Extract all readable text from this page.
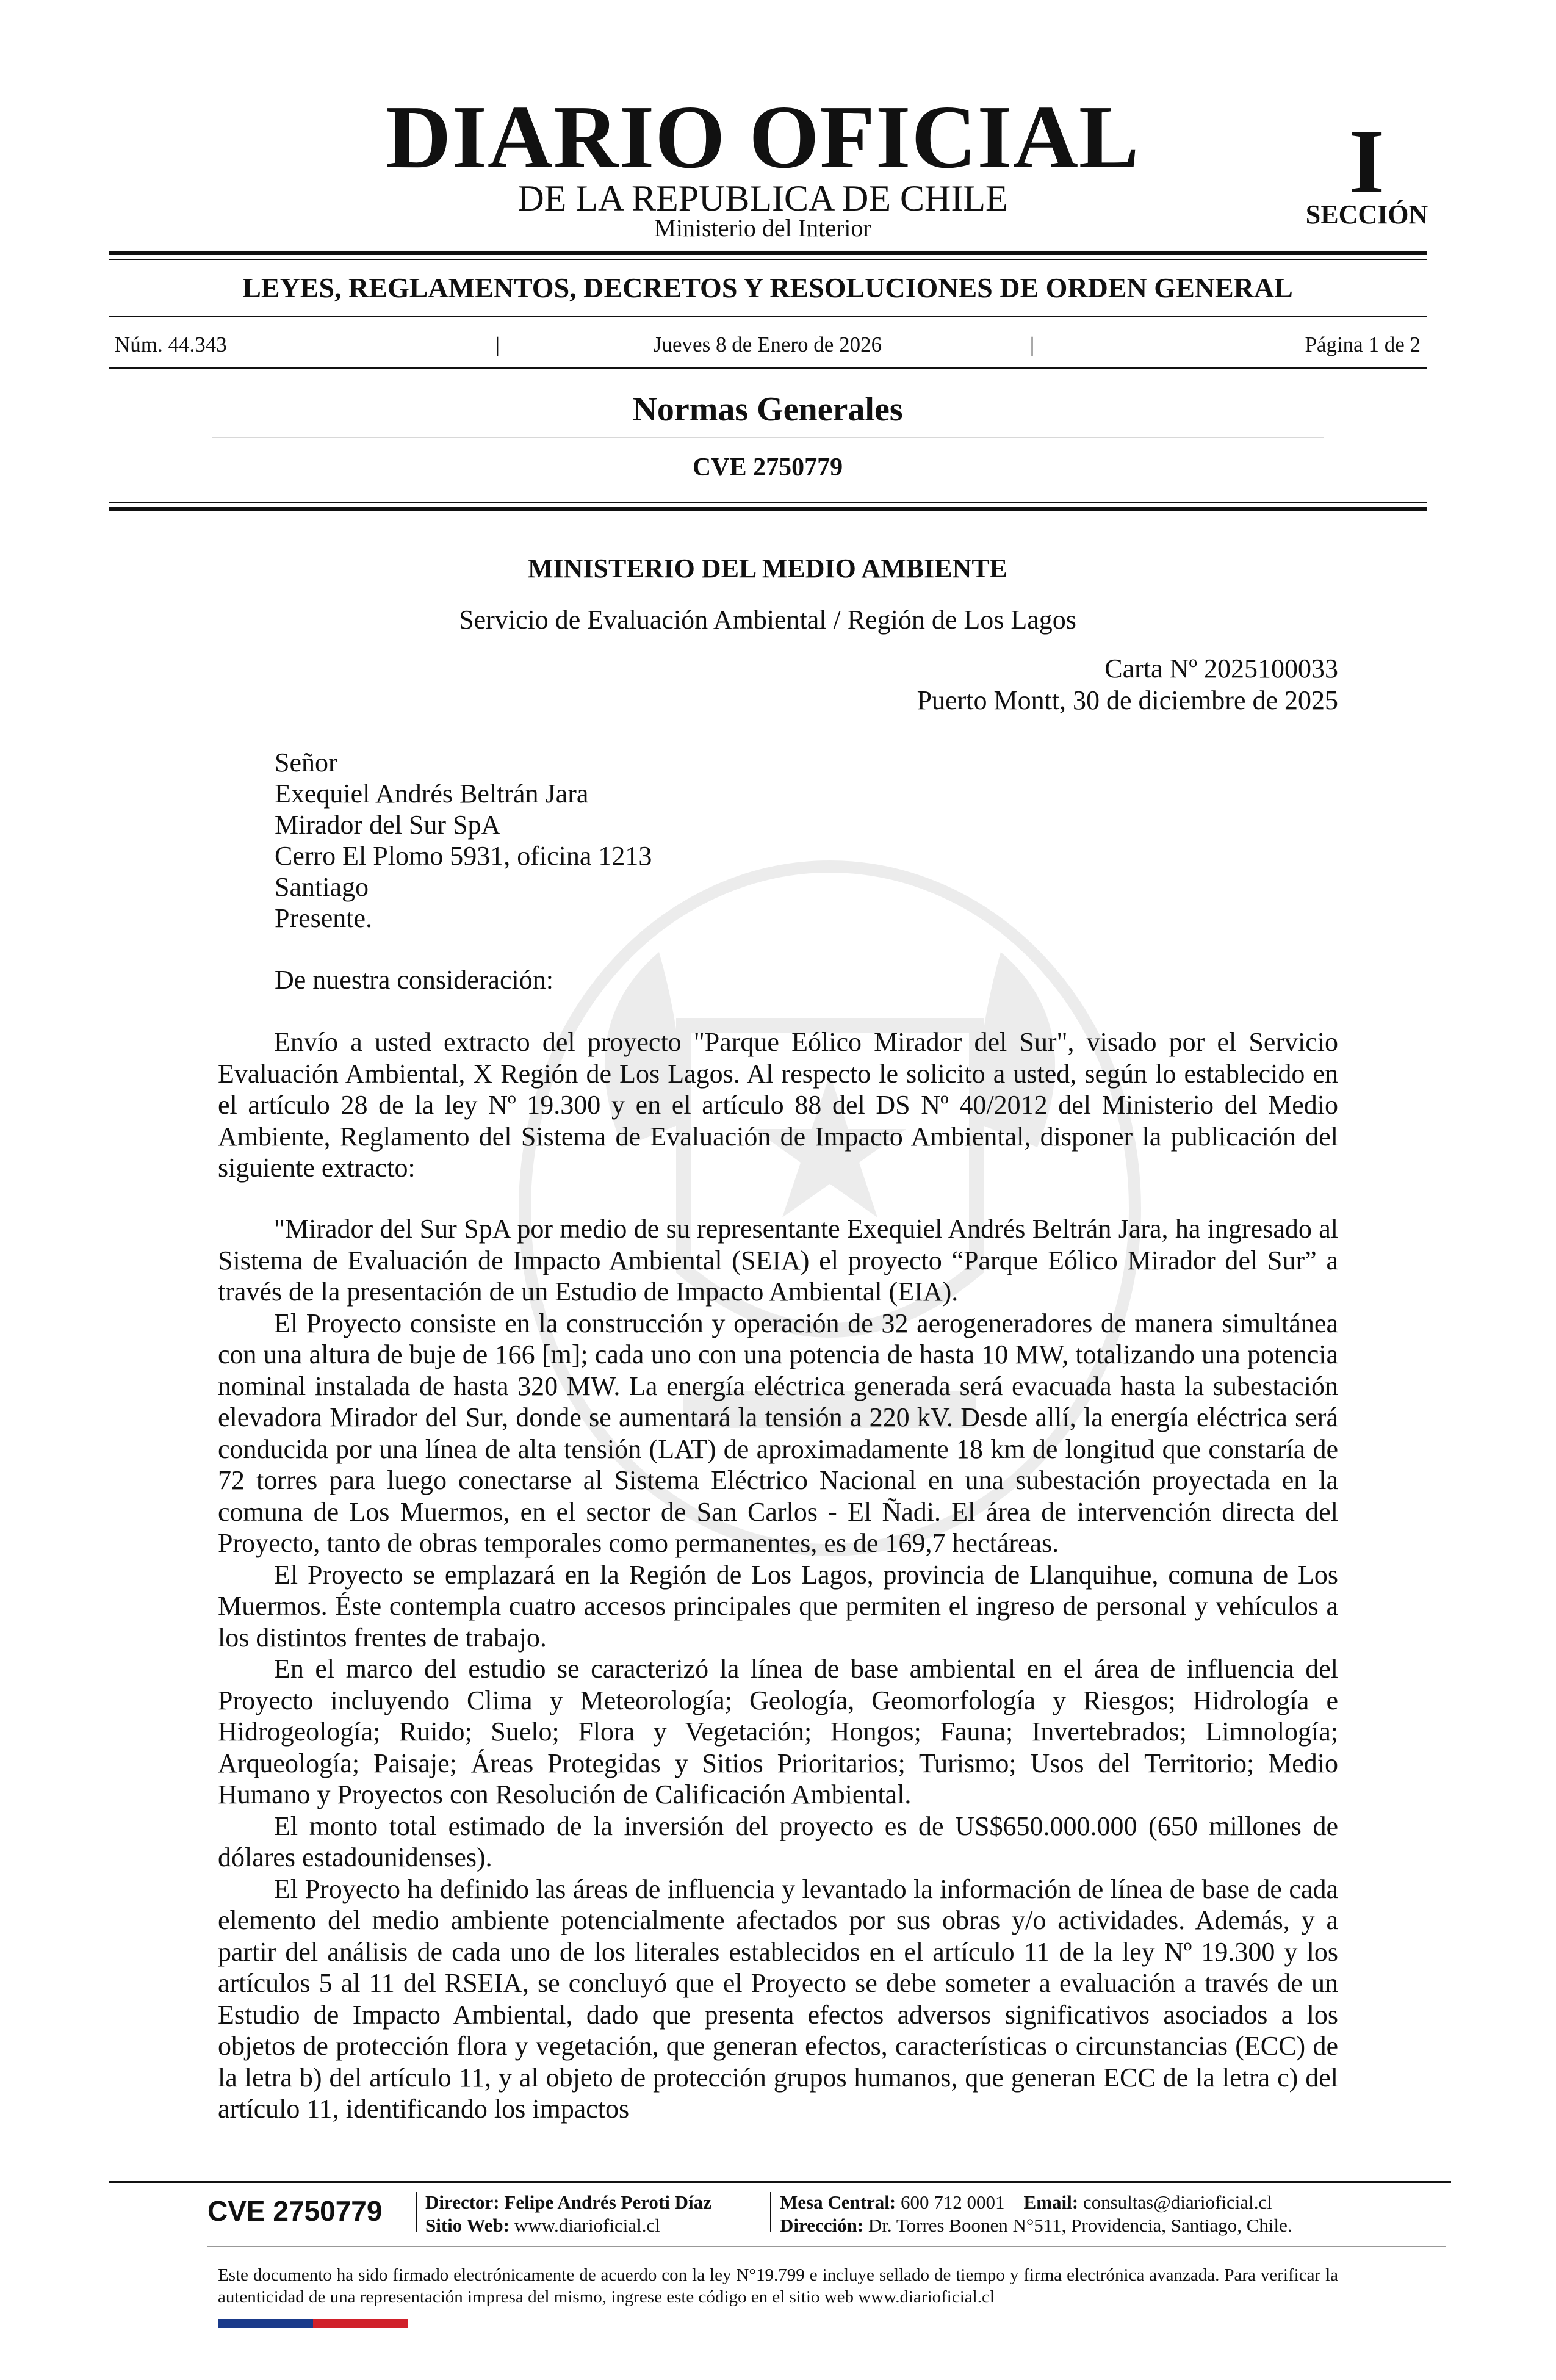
DIARIO OFICIAL
DE LA REPUBLICA DE CHILE
Ministerio del Interior
I
SECCIÓN
LEYES, REGLAMENTOS, DECRETOS Y RESOLUCIONES DE ORDEN GENERAL
Núm. 44.343	|	Jueves 8 de Enero de 2026	|	Página 1 de 2
Normas Generales
CVE 2750779
MINISTERIO DEL MEDIO AMBIENTE
Servicio de Evaluación Ambiental / Región de Los Lagos
Carta Nº 2025100033
Puerto Montt, 30 de diciembre de 2025
Señor
Exequiel Andrés Beltrán Jara
Mirador del Sur SpA
Cerro El Plomo 5931, oficina 1213
Santiago
Presente.
De nuestra consideración:

Envío a usted extracto del proyecto "Parque Eólico Mirador del Sur", visado por el Servicio Evaluación Ambiental, X Región de Los Lagos. Al respecto le solicito a usted, según lo establecido en el artículo 28 de la ley Nº 19.300 y en el artículo 88 del DS Nº 40/2012 del Ministerio del Medio Ambiente, Reglamento del Sistema de Evaluación de Impacto Ambiental, disponer la publicación del siguiente extracto:

"Mirador del Sur SpA por medio de su representante Exequiel Andrés Beltrán Jara, ha ingresado al Sistema de Evaluación de Impacto Ambiental (SEIA) el proyecto “Parque Eólico Mirador del Sur” a través de la presentación de un Estudio de Impacto Ambiental (EIA).

El Proyecto consiste en la construcción y operación de 32 aerogeneradores de manera simultánea con una altura de buje de 166 [m]; cada uno con una potencia de hasta 10 MW, totalizando una potencia nominal instalada de hasta 320 MW. La energía eléctrica generada será evacuada hasta la subestación elevadora Mirador del Sur, donde se aumentará la tensión a 220 kV. Desde allí, la energía eléctrica será conducida por una línea de alta tensión (LAT) de aproximadamente 18 km de longitud que constaría de 72 torres para luego conectarse al Sistema Eléctrico Nacional en una subestación proyectada en la comuna de Los Muermos, en el sector de San Carlos - El Ñadi. El área de intervención directa del Proyecto, tanto de obras temporales como permanentes, es de 169,7 hectáreas.

El Proyecto se emplazará en la Región de Los Lagos, provincia de Llanquihue, comuna de Los Muermos. Éste contempla cuatro accesos principales que permiten el ingreso de personal y vehículos a los distintos frentes de trabajo.

En el marco del estudio se caracterizó la línea de base ambiental en el área de influencia del Proyecto incluyendo Clima y Meteorología; Geología, Geomorfología y Riesgos; Hidrología e Hidrogeología; Ruido; Suelo; Flora y Vegetación; Hongos; Fauna; Invertebrados; Limnología; Arqueología; Paisaje; Áreas Protegidas y Sitios Prioritarios; Turismo; Usos del Territorio; Medio Humano y Proyectos con Resolución de Calificación Ambiental.

El monto total estimado de la inversión del proyecto es de US$650.000.000 (650 millones de dólares estadounidenses).

El Proyecto ha definido las áreas de influencia y levantado la información de línea de base de cada elemento del medio ambiente potencialmente afectados por sus obras y/o actividades. Además, y a partir del análisis de cada uno de los literales establecidos en el artículo 11 de la ley Nº 19.300 y los artículos 5 al 11 del RSEIA, se concluyó que el Proyecto se debe someter a evaluación a través de un Estudio de Impacto Ambiental, dado que presenta efectos adversos significativos asociados a los objetos de protección flora y vegetación, que generan efectos, características o circunstancias (ECC) de la letra b) del artículo 11, y al objeto de protección grupos humanos, que generan ECC de la letra c) del artículo 11, identificando los impactos

CVE 2750779	Director: Felipe Andrés Peroti Díaz
Sitio Web: www.diarioficial.cl
Mesa Central: 600 712 0001 Email: consultas@diarioficial.cl
Dirección: Dr. Torres Boonen N°511, Providencia, Santiago, Chile.
Este documento ha sido firmado electrónicamente de acuerdo con la ley N°19.799 e incluye sellado de tiempo y firma electrónica avanzada. Para verificar la autenticidad de una representación impresa del mismo, ingrese este código en el sitio web www.diarioficial.cl
